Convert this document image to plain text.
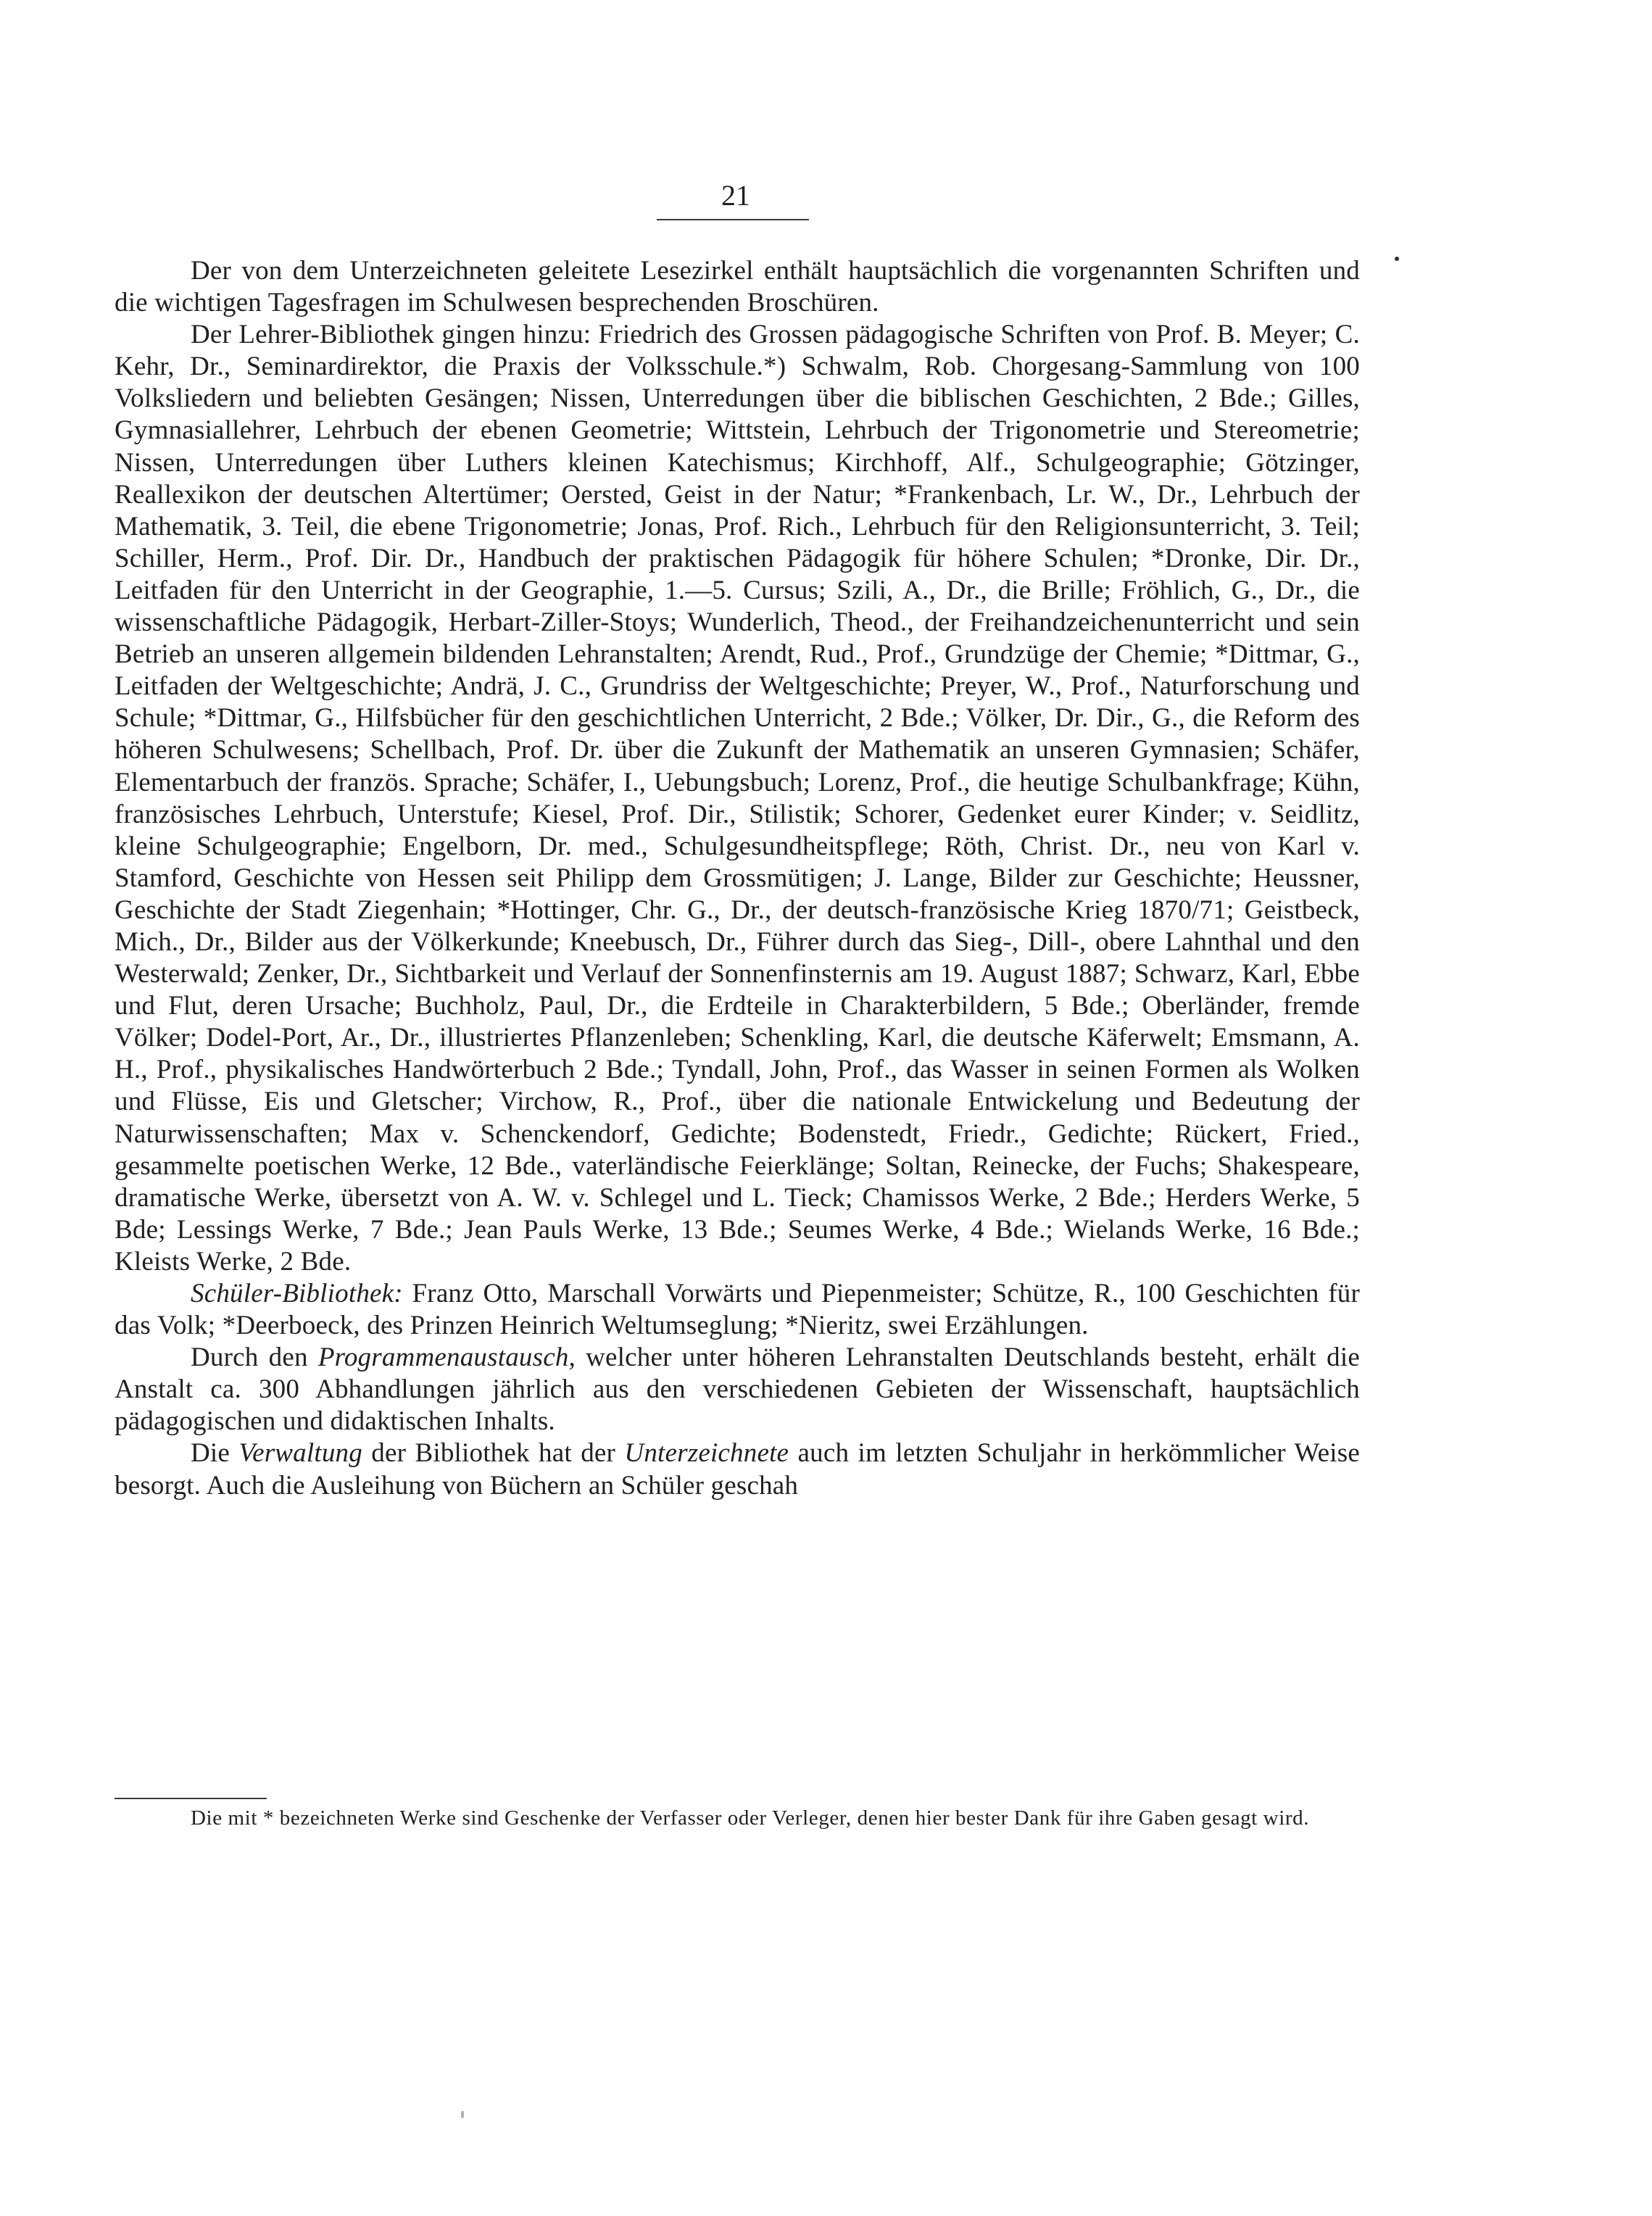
21

Der von dem Unterzeichneten geleitete Lesezirkel enthält hauptsächlich die vorgenannten Schriften und die wichtigen Tagesfragen im Schulwesen besprechenden Broschüren.

Der Lehrer-Bibliothek gingen hinzu: Friedrich des Grossen pädagogische Schriften von Prof. B. Meyer; C. Kehr, Dr., Seminardirektor, die Praxis der Volksschule.*) Schwalm, Rob. Chorgesang-Sammlung von 100 Volksliedern und beliebten Gesängen; Nissen, Unterredungen über die biblischen Geschichten, 2 Bde.; Gilles, Gymnasiallehrer, Lehrbuch der ebenen Geometrie; Wittstein, Lehrbuch der Trigonometrie und Stereometrie; Nissen, Unterredungen über Luthers kleinen Katechismus; Kirchhoff, Alf., Schulgeographie; Götzinger, Reallexikon der deutschen Altertümer; Oersted, Geist in der Natur; *Frankenbach, Lr. W., Dr., Lehrbuch der Mathematik, 3. Teil, die ebene Trigonometrie; Jonas, Prof. Rich., Lehrbuch für den Religionsunterricht, 3. Teil; Schiller, Herm., Prof. Dir. Dr., Handbuch der praktischen Pädagogik für höhere Schulen; *Dronke, Dir. Dr., Leitfaden für den Unterricht in der Geographie, 1.—5. Cursus; Szili, A., Dr., die Brille; Fröhlich, G., Dr., die wissenschaftliche Pädagogik, Herbart-Ziller-Stoys; Wunderlich, Theod., der Freihandzeichenunterricht und sein Betrieb an unseren allgemein bildenden Lehranstalten; Arendt, Rud., Prof., Grundzüge der Chemie; *Dittmar, G., Leitfaden der Weltgeschichte; Andrä, J. C., Grundriss der Weltgeschichte; Preyer, W., Prof., Naturforschung und Schule; *Dittmar, G., Hilfsbücher für den geschichtlichen Unterricht, 2 Bde.; Völker, Dr. Dir., G., die Reform des höheren Schulwesens; Schellbach, Prof. Dr. über die Zukunft der Mathematik an unseren Gymnasien; Schäfer, Elementarbuch der französ. Sprache; Schäfer, I., Uebungsbuch; Lorenz, Prof., die heutige Schulbankfrage; Kühn, französisches Lehrbuch, Unterstufe; Kiesel, Prof. Dir., Stilistik; Schorer, Gedenket eurer Kinder; v. Seidlitz, kleine Schulgeographie; Engelborn, Dr. med., Schulgesundheitspflege; Röth, Christ. Dr., neu von Karl v. Stamford, Geschichte von Hessen seit Philipp dem Grossmütigen; J. Lange, Bilder zur Geschichte; Heussner, Geschichte der Stadt Ziegenhain; *Hottinger, Chr. G., Dr., der deutsch-französische Krieg 1870/71; Geistbeck, Mich., Dr., Bilder aus der Völkerkunde; Kneebusch, Dr., Führer durch das Sieg-, Dill-, obere Lahnthal und den Westerwald; Zenker, Dr., Sichtbarkeit und Verlauf der Sonnenfinsternis am 19. August 1887; Schwarz, Karl, Ebbe und Flut, deren Ursache; Buchholz, Paul, Dr., die Erdteile in Charakterbildern, 5 Bde.; Oberländer, fremde Völker; Dodel-Port, Ar., Dr., illustriertes Pflanzenleben; Schenkling, Karl, die deutsche Käferwelt; Emsmann, A. H., Prof., physikalisches Handwörterbuch 2 Bde.; Tyndall, John, Prof., das Wasser in seinen Formen als Wolken und Flüsse, Eis und Gletscher; Virchow, R., Prof., über die nationale Entwickelung und Bedeutung der Naturwissenschaften; Max v. Schenckendorf, Gedichte; Bodenstedt, Friedr., Gedichte; Rückert, Fried., gesammelte poetischen Werke, 12 Bde., vaterländische Feierklänge; Soltan, Reinecke, der Fuchs; Shakespeare, dramatische Werke, übersetzt von A. W. v. Schlegel und L. Tieck; Chamissos Werke, 2 Bde.; Herders Werke, 5 Bde; Lessings Werke, 7 Bde.; Jean Pauls Werke, 13 Bde.; Seumes Werke, 4 Bde.; Wielands Werke, 16 Bde.; Kleists Werke, 2 Bde.

Schüler-Bibliothek: Franz Otto, Marschall Vorwärts und Piepenmeister; Schütze, R., 100 Geschichten für das Volk; *Deerboeck, des Prinzen Heinrich Weltumseglung; *Nieritz, swei Erzählungen.

Durch den Programmenaustausch, welcher unter höheren Lehranstalten Deutschlands besteht, erhält die Anstalt ca. 300 Abhandlungen jährlich aus den verschiedenen Gebieten der Wissenschaft, hauptsächlich pädagogischen und didaktischen Inhalts.

Die Verwaltung der Bibliothek hat der Unterzeichnete auch im letzten Schuljahr in herkömmlicher Weise besorgt. Auch die Ausleihung von Büchern an Schüler geschah

Die mit * bezeichneten Werke sind Geschenke der Verfasser oder Verleger, denen hier bester Dank für ihre Gaben gesagt wird.
